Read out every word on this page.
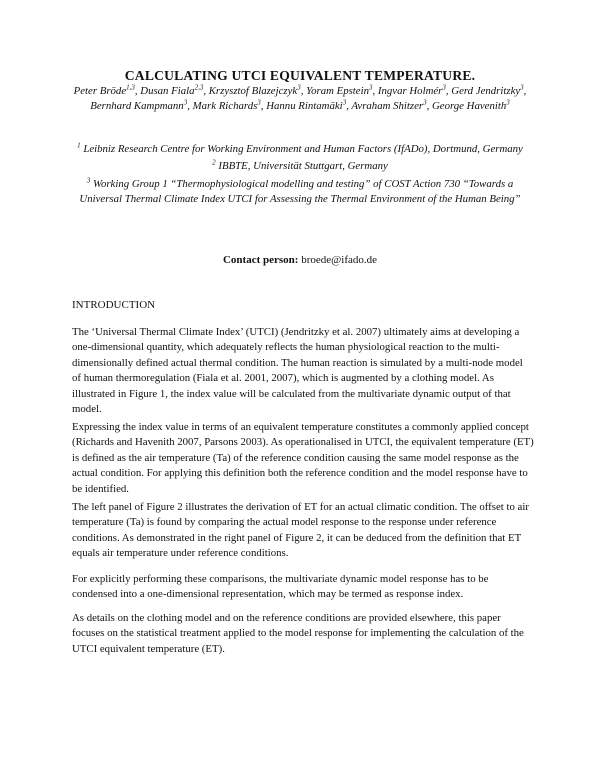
CALCULATING UTCI EQUIVALENT TEMPERATURE.
Peter Bröde$^{1,3}$, Dusan Fiala$^{2,3}$, Krzysztof Blazejczyk$^3$, Yoram Epstein$^3$, Ingvar Holmér$^3$, Gerd Jendritzky$^3$, Bernhard Kampmann$^3$, Mark Richards$^3$, Hannu Rintamäki$^3$, Avraham Shitzer$^3$, George Havenith$^3$

$^1$ Leibniz Research Centre for Working Environment and Human Factors (IfADo), Dortmund, Germany

$^2$ IBBTE, Universität Stuttgart, Germany

$^3$ Working Group 1 “Thermophysiological modelling and testing” of COST Action 730 “Towards a Universal Thermal Climate Index UTCI for Assessing the Thermal Environment of the Human Being”

Contact person: broede@ifado.de
INTRODUCTION

The ‘Universal Thermal Climate Index’ (UTCI) (Jendritzky et al. 2007) ultimately aims at developing a one-dimensional quantity, which adequately reflects the human physiological reaction to the multi-dimensionally defined actual thermal condition. The human reaction is simulated by a multi-node model of human thermoregulation (Fiala et al. 2001, 2007), which is augmented by a clothing model. As illustrated in Figure 1, the index value will be calculated from the multivariate dynamic output of that model.

Expressing the index value in terms of an equivalent temperature constitutes a commonly applied concept (Richards and Havenith 2007, Parsons 2003). As operationalised in UTCI, the equivalent temperature (ET) is defined as the air temperature (Ta) of the reference condition causing the same model response as the actual condition. For applying this definition both the reference condition and the model response have to be identified.

The left panel of Figure 2 illustrates the derivation of ET for an actual climatic condition. The offset to air temperature (Ta) is found by comparing the actual model response to the response under reference conditions. As demonstrated in the right panel of Figure 2, it can be deduced from the definition that ET equals air temperature under reference conditions.

For explicitly performing these comparisons, the multivariate dynamic model response has to be condensed into a one-dimensional representation, which may be termed as response index.

As details on the clothing model and on the reference conditions are provided elsewhere, this paper focuses on the statistical treatment applied to the model response for implementing the calculation of the UTCI equivalent temperature (ET).
